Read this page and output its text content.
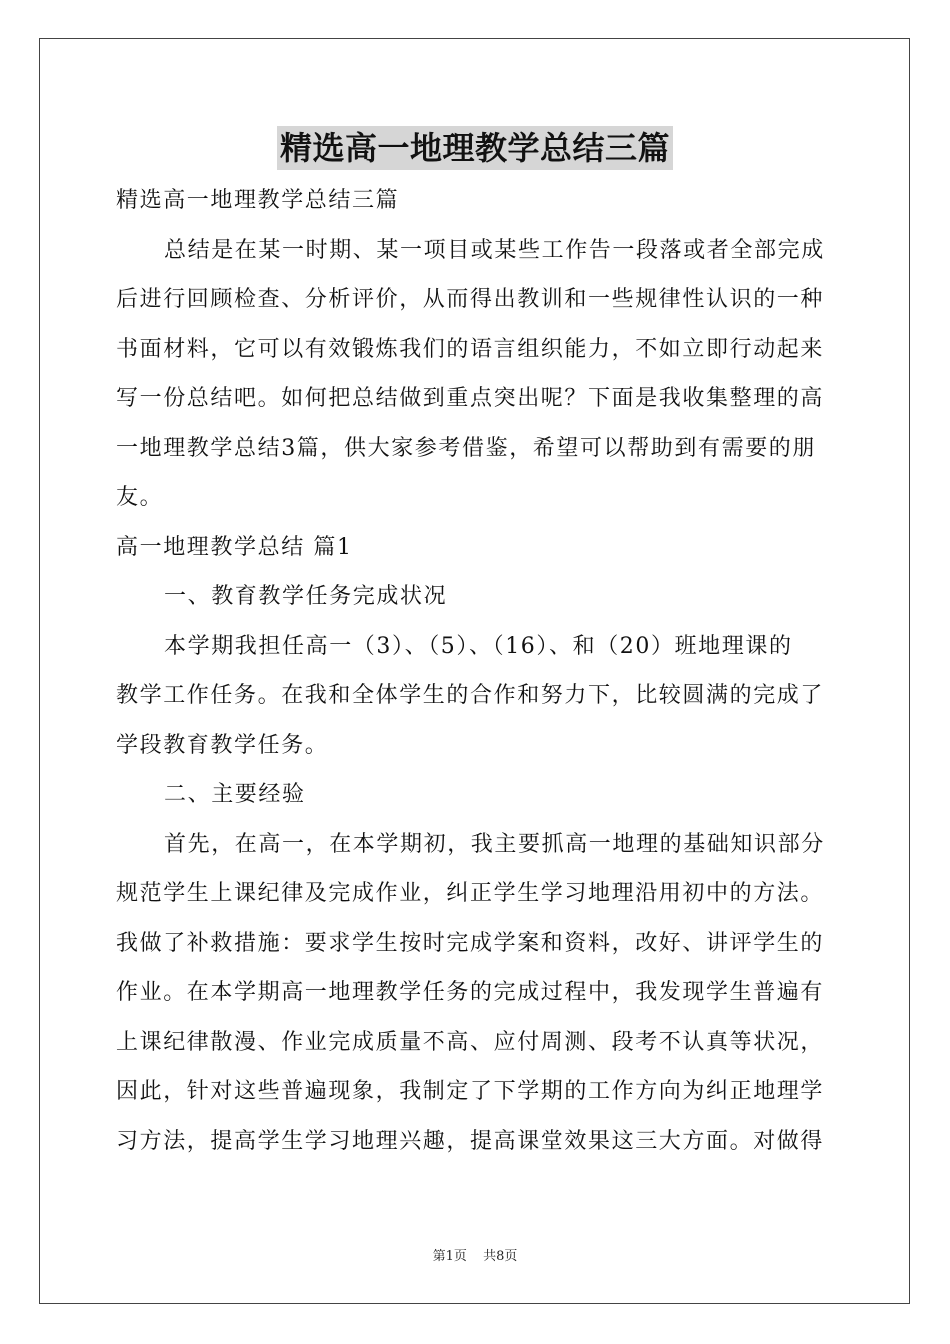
精选高一地理教学总结三篇
精选高一地理教学总结三篇
总结是在某一时期、某一项目或某些工作告一段落或者全部完成
后进行回顾检查、分析评价，从而得出教训和一些规律性认识的一种
书面材料，它可以有效锻炼我们的语言组织能力，不如立即行动起来
写一份总结吧。如何把总结做到重点突出呢？下面是我收集整理的高
一地理教学总结3篇，供大家参考借鉴，希望可以帮助到有需要的朋
友。
高一地理教学总结 篇1
一、教育教学任务完成状况
本学期我担任高一（3）、（5）、（16）、和（20）班地理课的
教学工作任务。在我和全体学生的合作和努力下，比较圆满的完成了
学段教育教学任务。
二、主要经验
首先，在高一，在本学期初，我主要抓高一地理的基础知识部分
规范学生上课纪律及完成作业，纠正学生学习地理沿用初中的方法。
我做了补救措施：要求学生按时完成学案和资料，改好、讲评学生的
作业。在本学期高一地理教学任务的完成过程中，我发现学生普遍有
上课纪律散漫、作业完成质量不高、应付周测、段考不认真等状况，
因此，针对这些普遍现象，我制定了下学期的工作方向为纠正地理学
习方法，提高学生学习地理兴趣，提高课堂效果这三大方面。对做得
第1页 共8页
